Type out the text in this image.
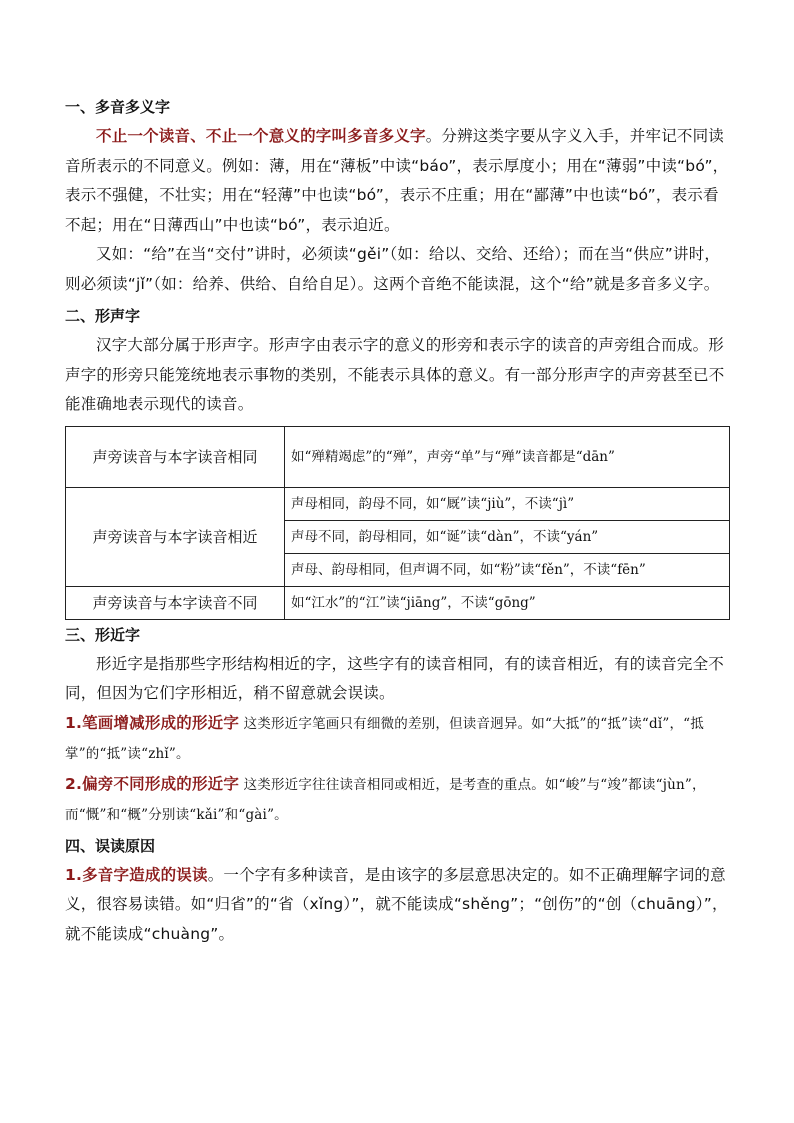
一、多音多义字

不止一个读音、不止一个意义的字叫多音多义字。分辨这类字要从字义入手，并牢记不同读音所表示的不同意义。例如：薄，用在“薄板”中读“báo”，表示厚度小；用在“薄弱”中读“bó”，表示不强健，不壮实；用在“轻薄”中也读“bó”，表示不庄重；用在“鄙薄”中也读“bó”，表示看不起；用在“日薄西山”中也读“bó”，表示迫近。

又如：“给”在当“交付”讲时，必须读“gěi”（如：给以、交给、还给）；而在当“供应”讲时，则必须读“jǐ”（如：给养、供给、自给自足）。这两个音绝不能读混，这个“给”就是多音多义字。

二、形声字

汉字大部分属于形声字。形声字由表示字的意义的形旁和表示字的读音的声旁组合而成。形声字的形旁只能笼统地表示事物的类别，不能表示具体的意义。有一部分形声字的声旁甚至已不能准确地表示现代的读音。

声旁读音与本字读音相同	如“殚精竭虑”的“殚”，声旁“单”与“殚”读音都是“dān”
声旁读音与本字读音相近	声母相同，韵母不同，如“厩”读“jiù”，不读“jì”
	声母不同，韵母相同，如“诞”读“dàn”，不读“yán”
	声母、韵母相同，但声调不同，如“粉”读“fěn”，不读“fēn”
声旁读音与本字读音不同	如“江水”的“江”读“jiāng”，不读“gōng”

三、形近字

形近字是指那些字形结构相近的字，这些字有的读音相同，有的读音相近，有的读音完全不同，但因为它们字形相近，稍不留意就会误读。

1.笔画增减形成的形近字 这类形近字笔画只有细微的差别，但读音迥异。如“大抵”的“抵”读“dǐ”，“抵掌”的“抵”读“zhǐ”。

2.偏旁不同形成的形近字 这类形近字往往读音相同或相近，是考查的重点。如“峻”与“竣”都读“jùn”，而“慨”和“概”分别读“kǎi”和“gài”。

四、误读原因

1.多音字造成的误读。一个字有多种读音，是由该字的多层意思决定的。如不正确理解字词的意义，很容易读错。如“归省”的“省（xǐng）”，就不能读成“shěng”；“创伤”的“创（chuāng）”，就不能读成“chuàng”。
